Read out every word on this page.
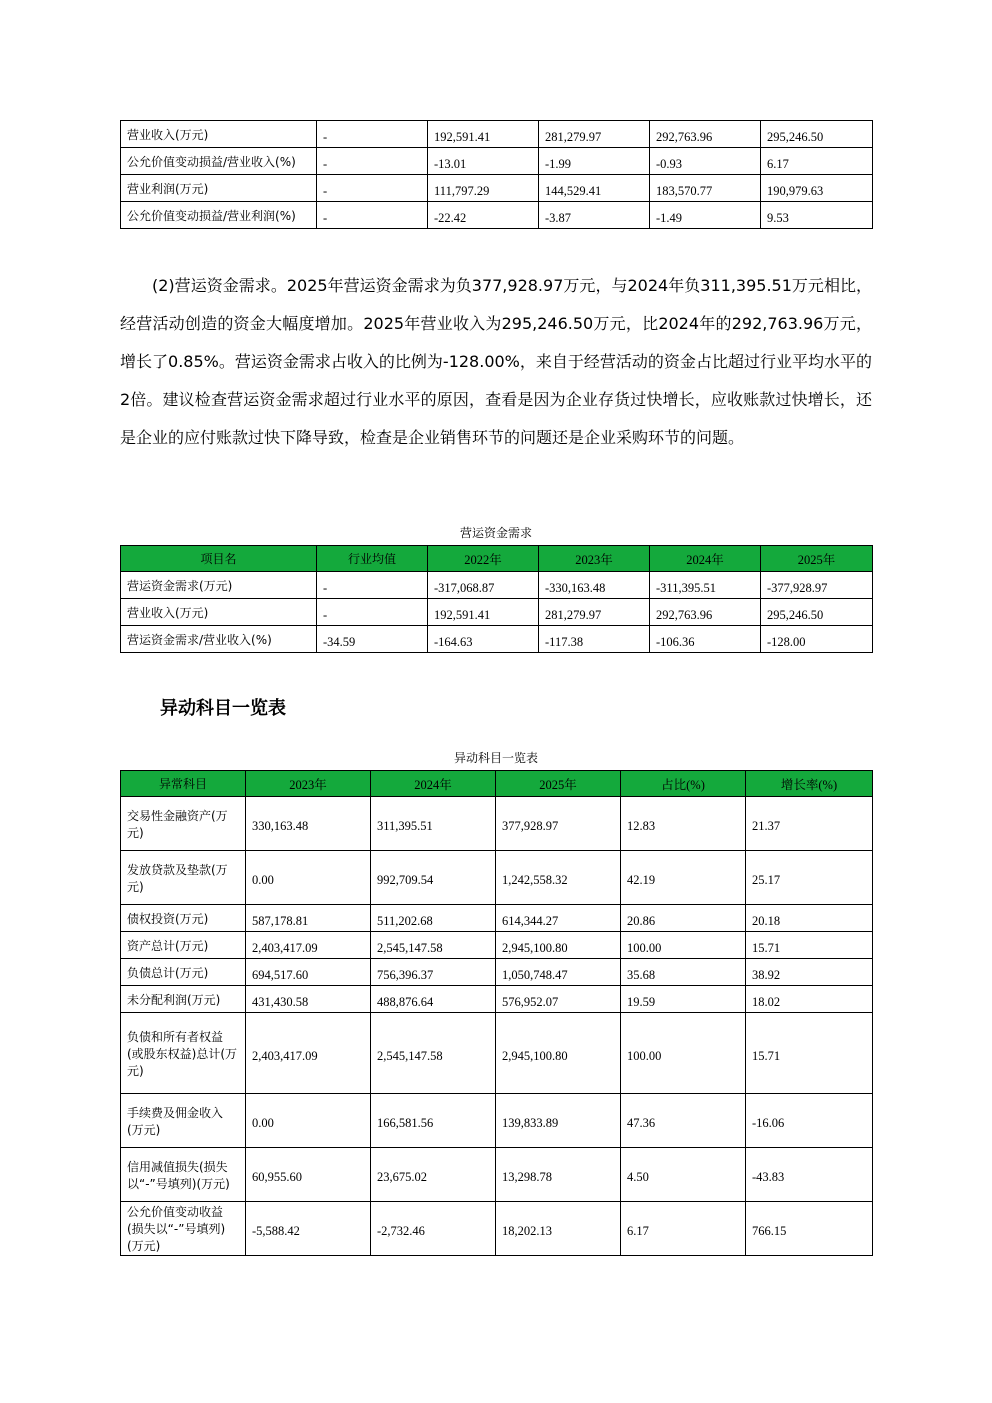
营业收入(万元)	-	192,591.41	281,279.97	292,763.96	295,246.50
公允价值变动损益/营业收入(%)	-	-13.01	-1.99	-0.93	6.17
营业利润(万元)	-	111,797.29	144,529.41	183,570.77	190,979.63
公允价值变动损益/营业利润(%)	-	-22.42	-3.87	-1.49	9.53

(2)营运资金需求。2025年营运资金需求为负377,928.97万元，与2024年负311,395.51万元相比，经营活动创造的资金大幅度增加。2025年营业收入为295,246.50万元，比2024年的292,763.96万元，增长了0.85%。营运资金需求占收入的比例为-128.00%，来自于经营活动的资金占比超过行业平均水平的2倍。建议检查营运资金需求超过行业水平的原因，查看是因为企业存货过快增长，应收账款过快增长，还是企业的应付账款过快下降导致，检查是企业销售环节的问题还是企业采购环节的问题。

营运资金需求
项目名	行业均值	2022年	2023年	2024年	2025年
营运资金需求(万元)	-	-317,068.87	-330,163.48	-311,395.51	-377,928.97
营业收入(万元)	-	192,591.41	281,279.97	292,763.96	295,246.50
营运资金需求/营业收入(%)	-34.59	-164.63	-117.38	-106.36	-128.00
异动科目一览表
异动科目一览表
异常科目	2023年	2024年	2025年	占比(%)	增长率(%)
交易性金融资产(万元)	330,163.48	311,395.51	377,928.97	12.83	21.37
发放贷款及垫款(万元)	0.00	992,709.54	1,242,558.32	42.19	25.17
债权投资(万元)	587,178.81	511,202.68	614,344.27	20.86	20.18
资产总计(万元)	2,403,417.09	2,545,147.58	2,945,100.80	100.00	15.71
负债总计(万元)	694,517.60	756,396.37	1,050,748.47	35.68	38.92
未分配利润(万元)	431,430.58	488,876.64	576,952.07	19.59	18.02
负债和所有者权益(或股东权益)总计(万元)	2,403,417.09	2,545,147.58	2,945,100.80	100.00	15.71
手续费及佣金收入(万元)	0.00	166,581.56	139,833.89	47.36	-16.06
信用减值损失(损失以“-”号填列)(万元)	60,955.60	23,675.02	13,298.78	4.50	-43.83
公允价值变动收益(损失以“-”号填列)(万元)	-5,588.42	-2,732.46	18,202.13	6.17	766.15
